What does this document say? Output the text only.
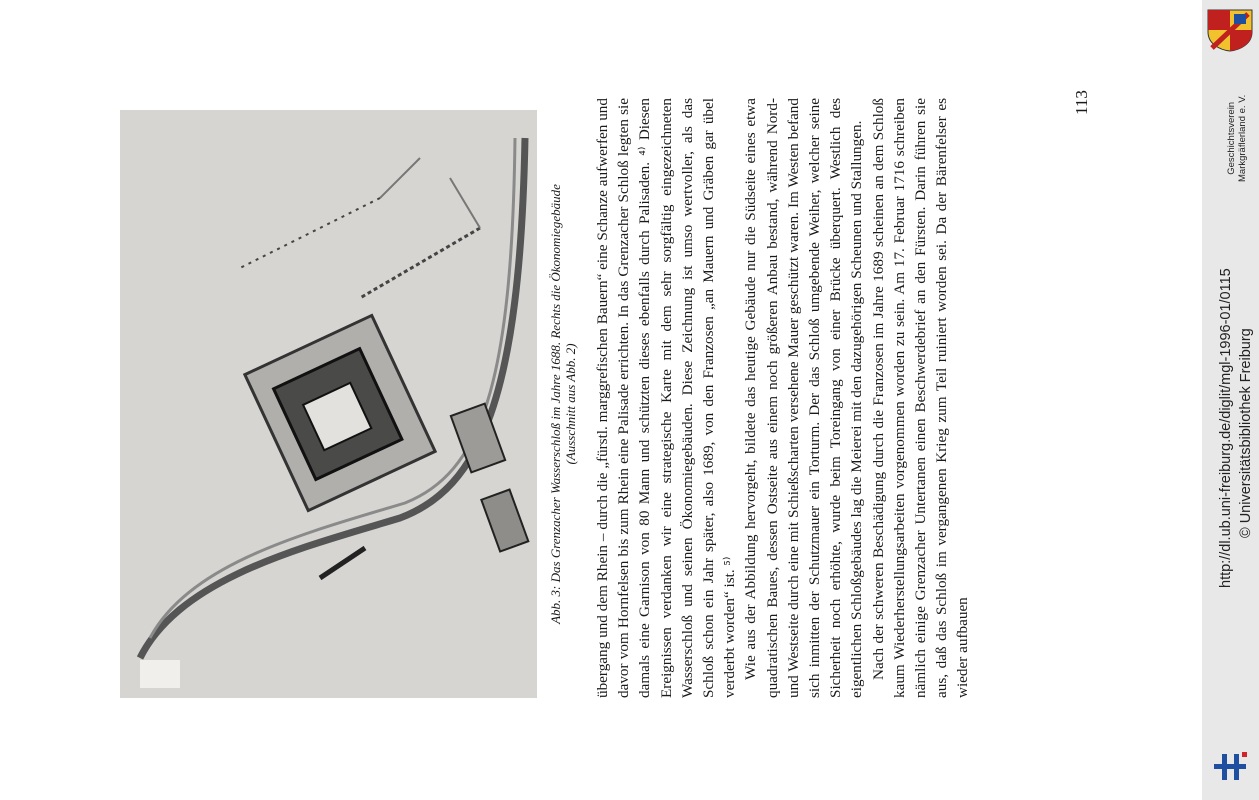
Abb. 3: Das Grenzacher Wasserschloß im Jahre 1688. Rechts die Ökonomiegebäude (Ausschnitt aus Abb. 2) übergang und dem Rhein – durch die „fürstl. marggrefischen Bauern“ eine Schanze aufwerfen und davor vom Hornfelsen bis zum Rhein eine Palisade errichten. In das Grenzacher Schloß legten sie damals eine Garnison von 80 Mann und schützten dieses ebenfalls durch Palisaden. ⁴⁾ Diesen Ereignissen verdanken wir eine strategische Karte mit dem sehr sorgfältig eingezeichneten Wasserschloß und seinen Ökonomiegebäuden. Diese Zeichnung ist umso wertvoller, als das Schloß schon ein Jahr später, also 1689, von den Franzosen „an Mauern und Gräben gar übel verderbt worden“ ist. ⁵⁾ Wie aus der Abbildung hervorgeht, bildete das heutige Gebäude nur die Südseite eines etwa quadratischen Baues, dessen Ostseite aus einem noch größeren Anbau bestand, während Nord- und Westseite durch eine mit Schießscharten versehene Mauer geschützt waren. Im Westen befand sich inmitten der Schutzmauer ein Torturm. Der das Schloß umgebende Weiher, welcher seine Sicherheit noch erhöhte, wurde beim Toreingang von einer Brücke überquert. Westlich des eigentlichen Schloßgebäudes lag die Meierei mit den dazugehörigen Scheunen und Stallungen. Nach der schweren Beschädigung durch die Franzosen im Jahre 1689 scheinen an dem Schloß kaum Wiederherstellungsarbeiten vorgenommen worden zu sein. Am 17. Februar 1716 schreiben nämlich einige Grenzacher Untertanen einen Beschwerdebrief an den Fürsten. Darin führen sie aus, daß das Schloß im vergangenen Krieg zum Teil ruiniert worden sei. Da der Bärenfelser es wieder aufbauen

113	Geschichtsverein Markgräflerland e. V.
http://dl.ub.uni-freiburg.de/diglit/mgl-1996-01/0115 © Universitätsbibliothek Freiburg
